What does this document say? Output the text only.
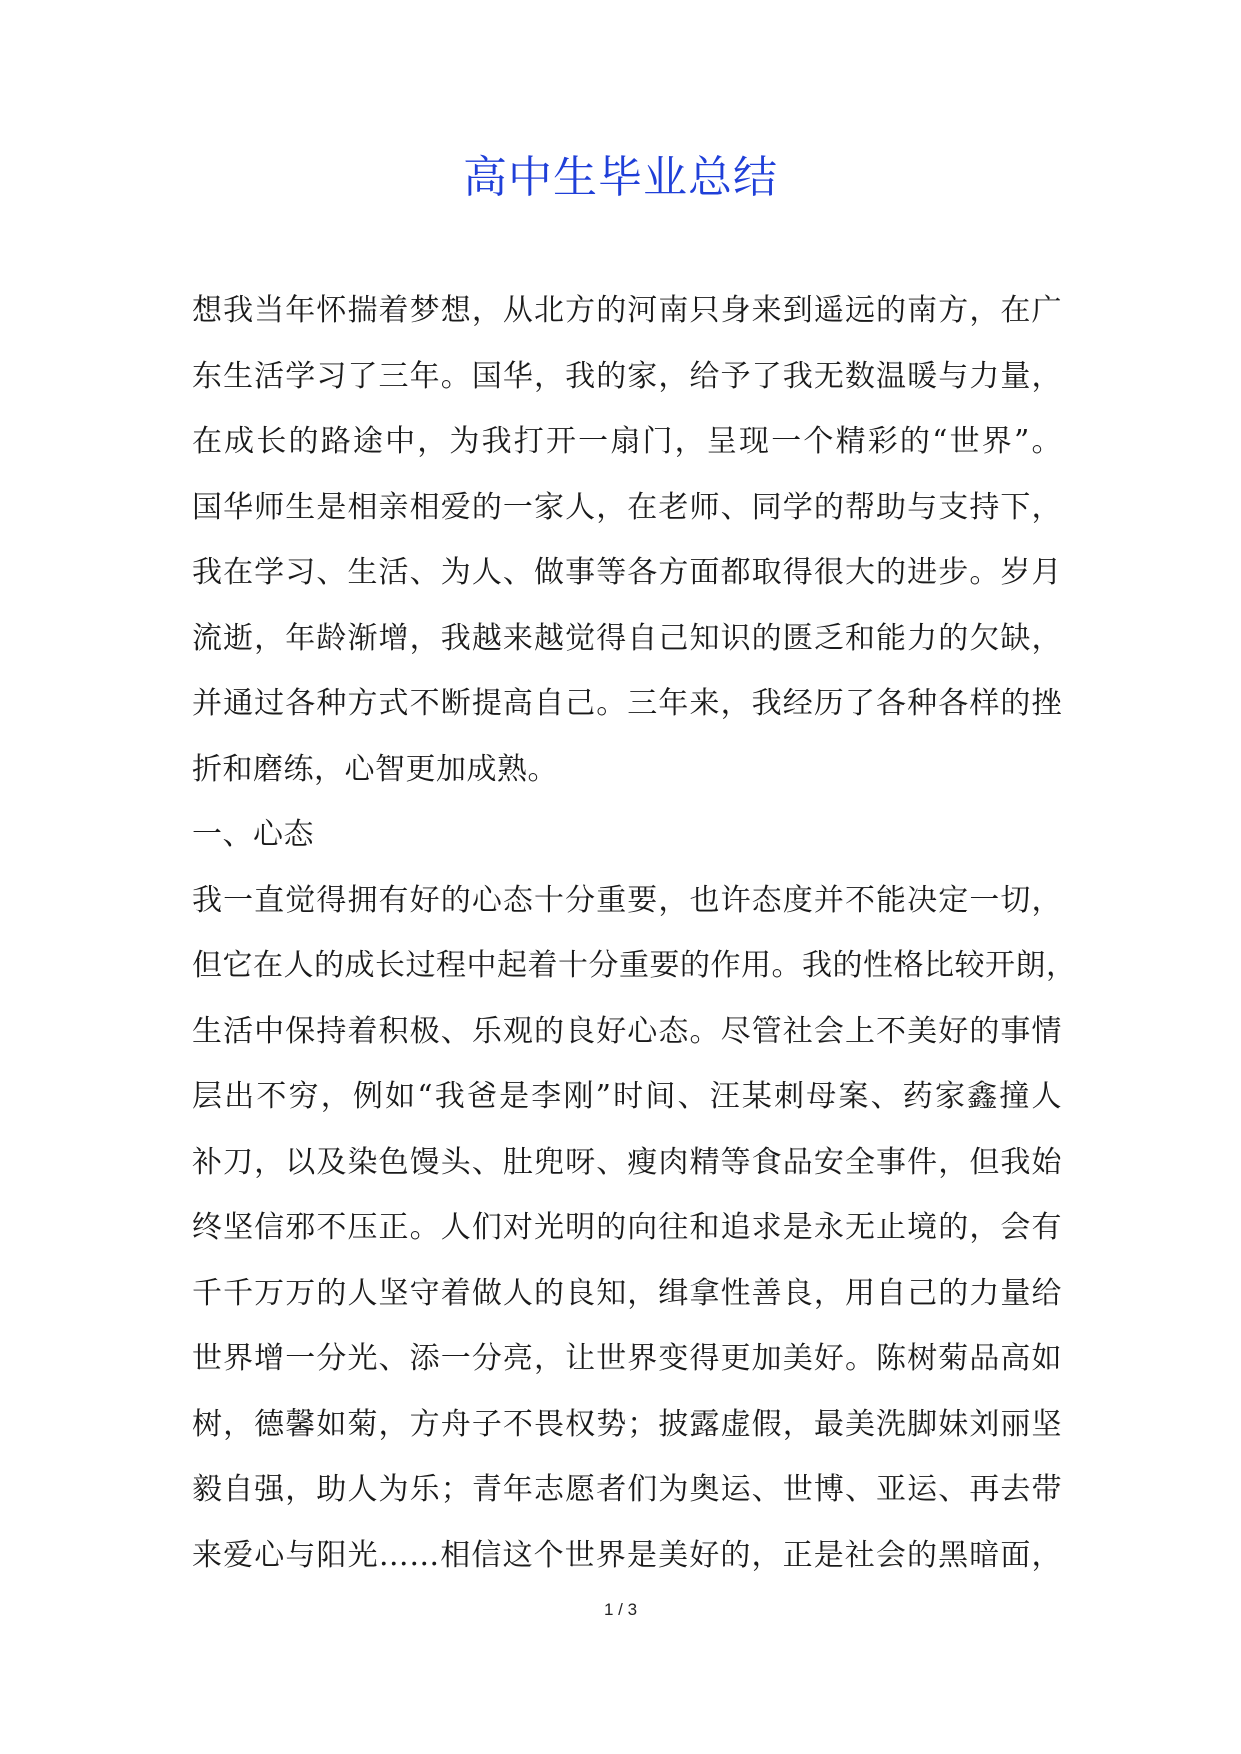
高中生毕业总结
想我当年怀揣着梦想，从北方的河南只身来到遥远的南方，在广
东生活学习了三年。国华，我的家，给予了我无数温暖与力量，
在成长的路途中，为我打开一扇门，呈现一个精彩的“世界”。
国华师生是相亲相爱的一家人，在老师、同学的帮助与支持下，
我在学习、生活、为人、做事等各方面都取得很大的进步。岁月
流逝，年龄渐增，我越来越觉得自己知识的匮乏和能力的欠缺，
并通过各种方式不断提高自己。三年来，我经历了各种各样的挫
折和磨练，心智更加成熟。
一、心态
我一直觉得拥有好的心态十分重要，也许态度并不能决定一切，
但它在人的成长过程中起着十分重要的作用。我的性格比较开朗，
生活中保持着积极、乐观的良好心态。尽管社会上不美好的事情
层出不穷，例如“我爸是李刚”时间、汪某刺母案、药家鑫撞人
补刀，以及染色馒头、肚兜呀、瘦肉精等食品安全事件，但我始
终坚信邪不压正。人们对光明的向往和追求是永无止境的，会有
千千万万的人坚守着做人的良知，缉拿性善良，用自己的力量给
世界增一分光、添一分亮，让世界变得更加美好。陈树菊品高如
树，德馨如菊，方舟子不畏权势；披露虚假，最美洗脚妹刘丽坚
毅自强，助人为乐；青年志愿者们为奥运、世博、亚运、再去带
来爱心与阳光……相信这个世界是美好的，正是社会的黑暗面，
1 / 3
